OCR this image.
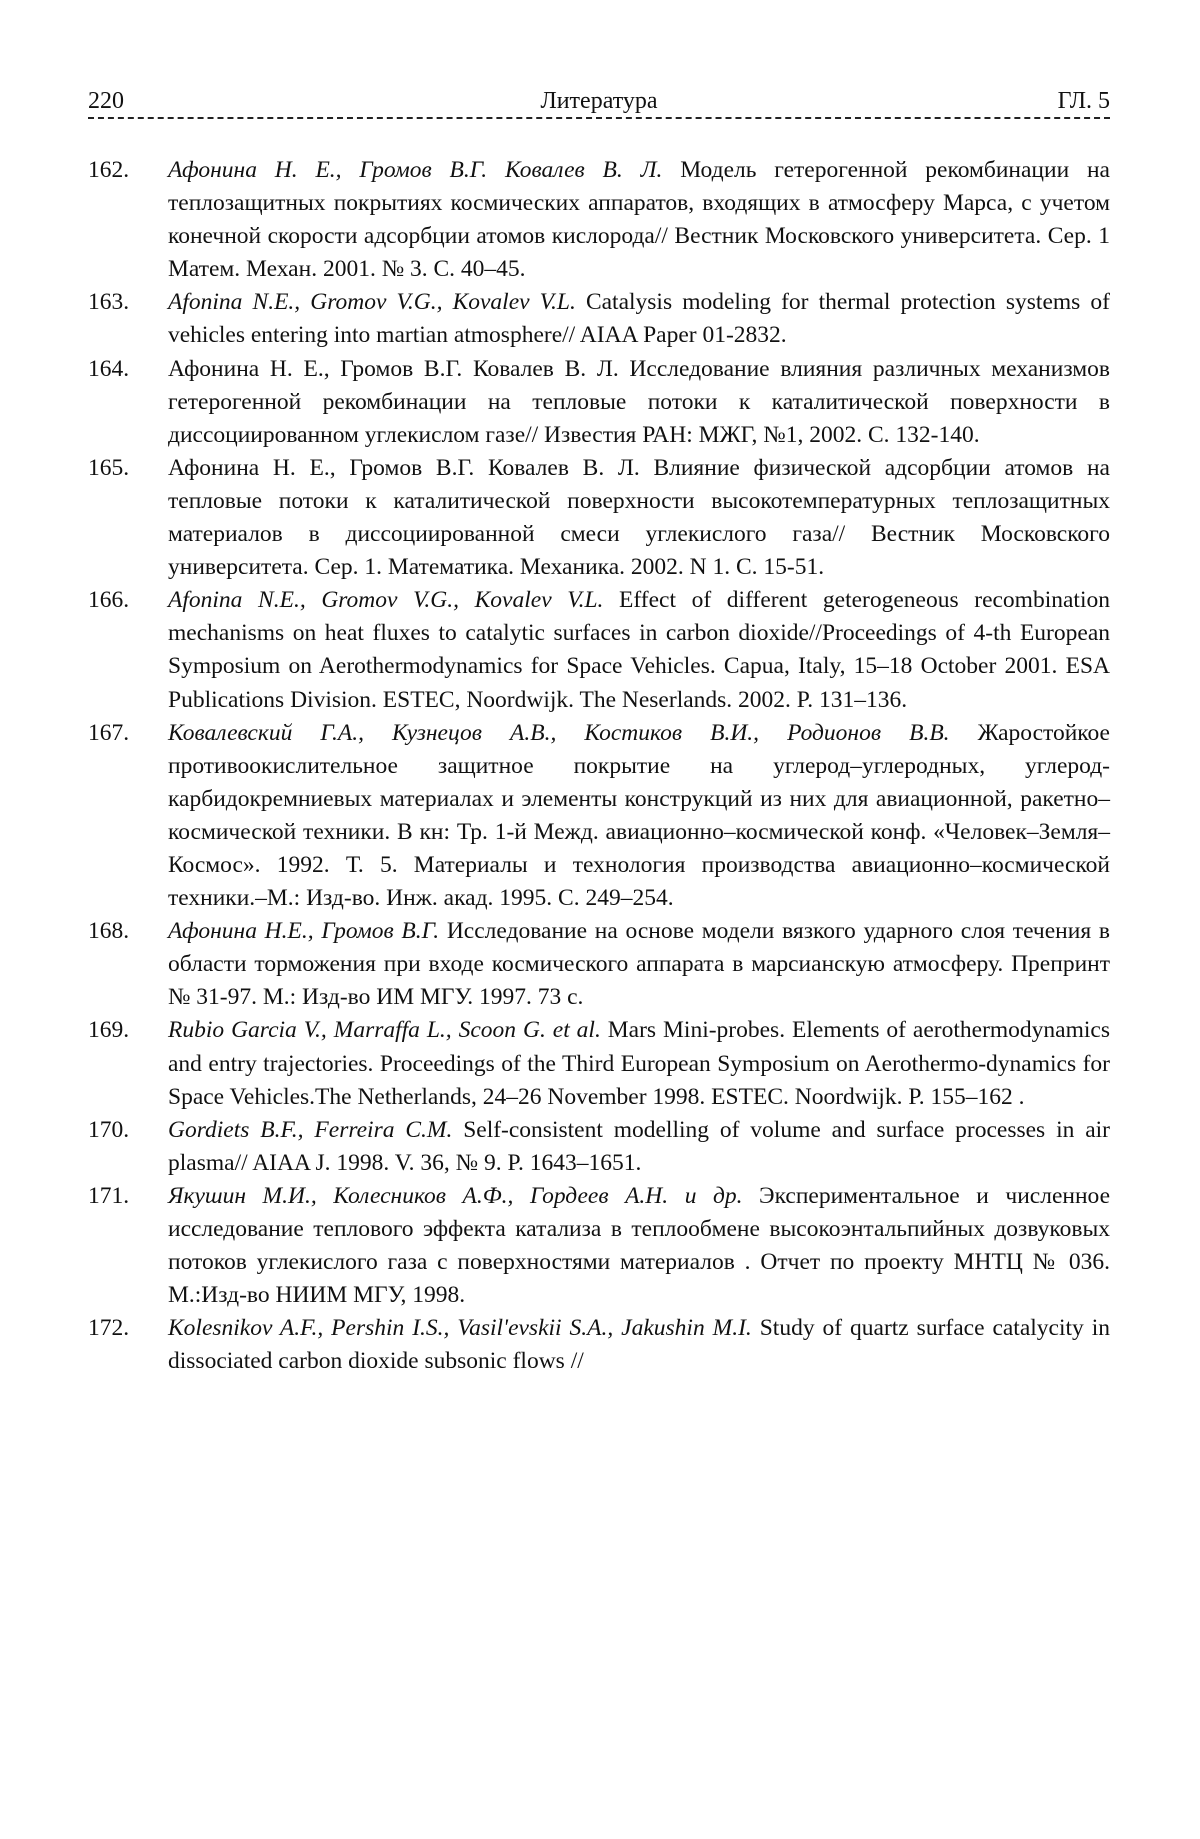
220	Литература	ГЛ. 5

162. Афонина Н. Е., Громов В.Г. Ковалев В. Л. Модель гетерогенной рекомбинации на теплозащитных покрытиях космических аппаратов, входящих в атмосферу Марса, с учетом конечной скорости адсорбции атомов кислорода// Вестник Московского университета. Сер. 1 Матем. Механ. 2001. № 3. С. 40–45.

163. Afonina N.E., Gromov V.G., Kovalev V.L. Catalysis modeling for thermal protection systems of vehicles entering into martian atmosphere// AIAA Paper 01-2832.

164. Афонина Н. Е., Громов В.Г. Ковалев В. Л. Исследование влияния различных механизмов гетерогенной рекомбинации на тепловые потоки к каталитической поверхности в диссоциированном углекислом газе// Известия РАН: МЖГ, №1, 2002. С. 132-140.

165. Афонина Н. Е., Громов В.Г. Ковалев В. Л. Влияние физической адсорбции атомов на тепловые потоки к каталитической поверхности высокотемпературных теплозащитных материалов в диссоциированной смеси углекислого газа// Вестник Московского университета. Сер. 1. Математика. Механика. 2002. N 1. С. 15-51.

166. Afonina N.E., Gromov V.G., Kovalev V.L. Effect of different geterogeneous recombination mechanisms on heat fluxes to catalytic surfaces in carbon dioxide//Proceedings of 4-th European Symposium on Aerothermodynamics for Space Vehicles. Capua, Italy, 15–18 October 2001. ESA Publications Division. ESTEC, Noordwijk. The Neserlands. 2002. P. 131–136.

167. Ковалевский Г.А., Кузнецов А.В., Костиков В.И., Родионов В.В. Жаростойкое противоокислительное защитное покрытие на углерод–углеродных, углерод-карбидокремниевых материалах и элементы конструкций из них для авиационной, ракетно–космической техники. В кн: Тр. 1-й Межд. авиационно–космической конф. «Человек–Земля–Космос». 1992. Т. 5. Материалы и технология производства авиационно–космической техники.–М.: Изд-во. Инж. акад. 1995. С. 249–254.

168. Афонина Н.Е., Громов В.Г. Исследование на основе модели вязкого ударного слоя течения в области торможения при входе космического аппарата в марсианскую атмосферу. Препринт № 31-97. М.: Изд-во ИМ МГУ. 1997. 73 с.

169. Rubio Garcia V., Marraffa L., Scoon G. et al. Mars Mini-probes. Elements of aerothermodynamics and entry trajectories. Proceedings of the Third European Symposium on Aerothermo-dynamics for Space Vehicles.The Netherlands, 24–26 November 1998. ESTEC. Noordwijk. P. 155–162 .

170. Gordiets B.F., Ferreira C.M. Self-consistent modelling of volume and surface processes in air plasma// AIAA J. 1998. V. 36, № 9. P. 1643–1651.

171. Якушин М.И., Колесников А.Ф., Гордеев А.Н. и др. Экспериментальное и численное исследование теплового эффекта катализа в теплообмене высокоэнтальпийных дозвуковых потоков углекислого газа с поверхностями материалов . Отчет по проекту МНТЦ № 036. М.:Изд-во НИИМ МГУ, 1998.

172. Kolesnikov A.F., Pershin I.S., Vasil'evskii S.A., Jakushin M.I. Study of quartz surface catalycity in dissociated carbon dioxide subsonic flows //
